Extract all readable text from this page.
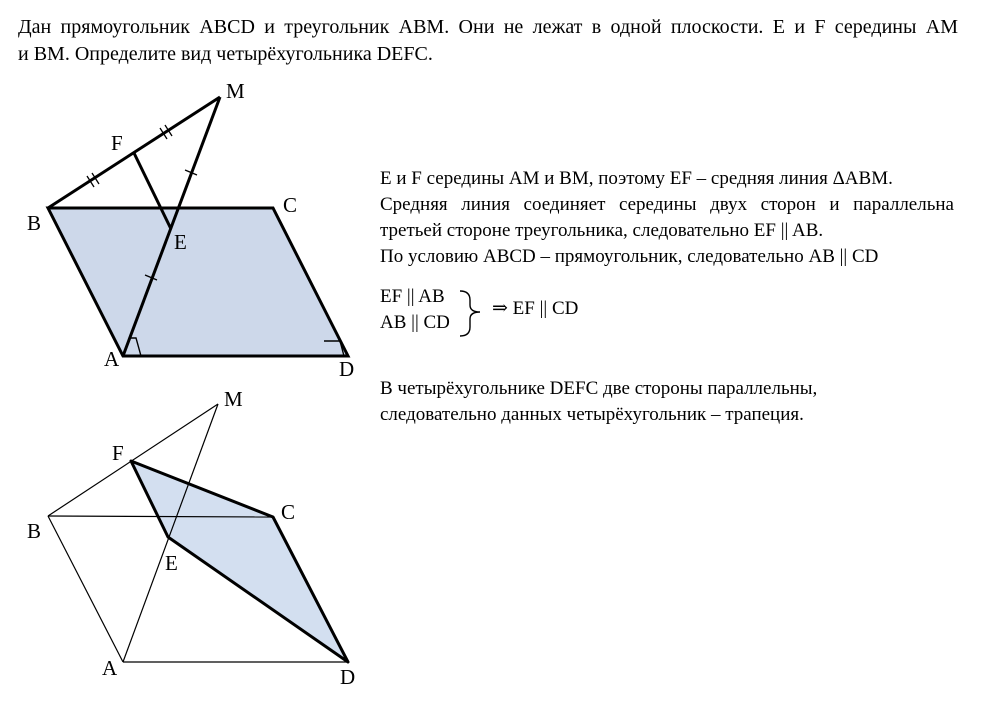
Дан прямоугольник ABCD и треугольник ABM. Они не лежат в одной плоскости. E и F середины AM
и BM. Определите вид четырёхугольника DEFC.
E и F середины AM и BM, поэтому EF – средняя линия ΔABM.
Средняя линия соединяет середины двух сторон и параллельна
третьей стороне треугольника, следовательно EF || AB.
По условию ABCD – прямоугольник, следовательно AB || CD
EF || AB
AB || CD
⇒ EF || CD
В четырёхугольнике DEFC две стороны параллельны,
следовательно данных четырёхугольник – трапеция.
M
F
B
C
E
A	D
M
F
B
C
E
A	D
